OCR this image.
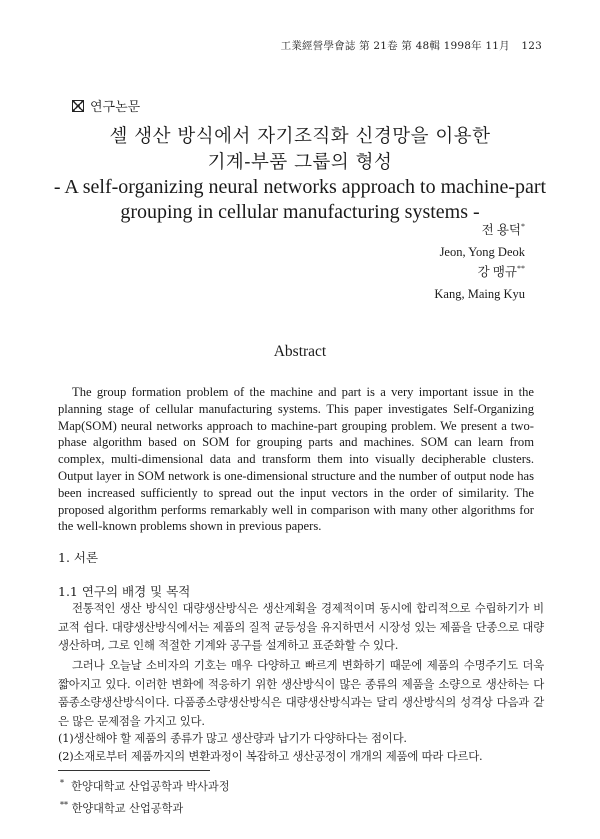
工業經營學會誌 第 21卷 第 48輯 1998年 11月 123
연구논문
셀 생산 방식에서 자기조직화 신경망을 이용한
기계-부품 그룹의 형성
- A self-organizing neural networks approach to machine-part
grouping in cellular manufacturing systems -
전 용덕*
Jeon, Yong Deok
강 맹규**
Kang, Maing Kyu
Abstract
The group formation problem of the machine and part is a very important issue in the planning stage of cellular manufacturing systems. This paper investigates Self-Organizing Map(SOM) neural networks approach to machine-part grouping problem. We present a two-phase algorithm based on SOM for grouping parts and machines. SOM can learn from complex, multi-dimensional data and transform them into visually decipherable clusters. Output layer in SOM network is one-dimensional structure and the number of output node has been increased sufficiently to spread out the input vectors in the order of similarity. The proposed algorithm performs remarkably well in comparison with many other algorithms for the well-known problems shown in previous papers.
1. 서론
1.1 연구의 배경 및 목적
전통적인 생산 방식인 대량생산방식은 생산계획을 경제적이며 동시에 합리적으로 수립하기가 비교적 쉽다. 대량생산방식에서는 제품의 질적 균등성을 유지하면서 시장성 있는 제품을 단종으로 대량생산하며, 그로 인해 적절한 기계와 공구를 설계하고 표준화할 수 있다.
그러나 오늘날 소비자의 기호는 매우 다양하고 빠르게 변화하기 때문에 제품의 수명주기도 더욱 짧아지고 있다. 이러한 변화에 적응하기 위한 생산방식이 많은 종류의 제품을 소량으로 생산하는 다품종소량생산방식이다. 다품종소량생산방식은 대량생산방식과는 달리 생산방식의 성격상 다음과 같은 많은 문제점을 가지고 있다.
(1)생산해야 할 제품의 종류가 많고 생산량과 납기가 다양하다는 점이다.
(2)소재로부터 제품까지의 변환과정이 복잡하고 생산공정이 개개의 제품에 따라 다르다.
* 한양대학교 산업공학과 박사과정
** 한양대학교 산업공학과
